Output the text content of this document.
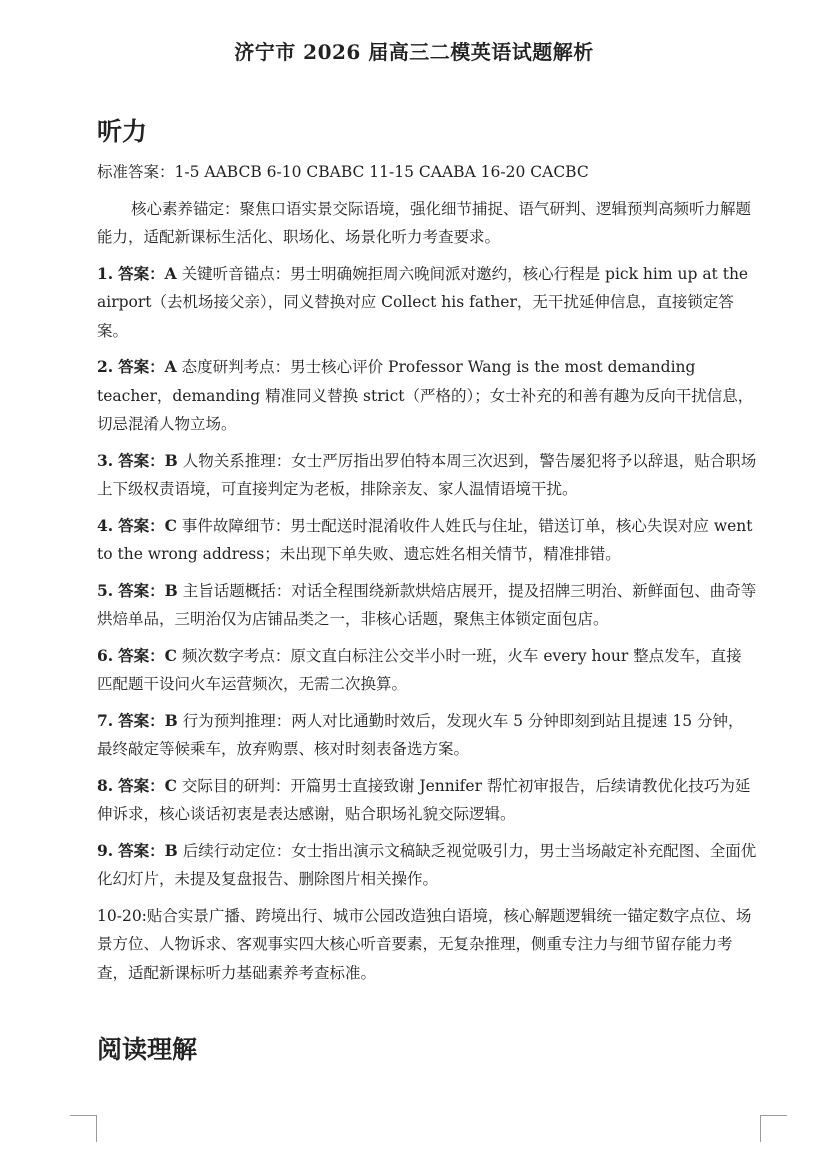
济宁市 2026 届高三二模英语试题解析
听力

标准答案：1-5 AABCB 6-10 CBABC 11-15 CAABA 16-20 CACBC

核心素养锚定：聚焦口语实景交际语境，强化细节捕捉、语气研判、逻辑预判高频听力解题能力，适配新课标生活化、职场化、场景化听力考查要求。

1. 答案：A 关键听音锚点：男士明确婉拒周六晚间派对邀约，核心行程是 pick him up at the airport（去机场接父亲），同义替换对应 Collect his father，无干扰延伸信息，直接锁定答案。

2. 答案：A 态度研判考点：男士核心评价 Professor Wang is the most demanding teacher，demanding 精准同义替换 strict（严格的）；女士补充的和善有趣为反向干扰信息，切忌混淆人物立场。

3. 答案：B 人物关系推理：女士严厉指出罗伯特本周三次迟到，警告屡犯将予以辞退，贴合职场上下级权责语境，可直接判定为老板，排除亲友、家人温情语境干扰。

4. 答案：C 事件故障细节：男士配送时混淆收件人姓氏与住址，错送订单，核心失误对应 went to the wrong address；未出现下单失败、遗忘姓名相关情节，精准排错。

5. 答案：B 主旨话题概括：对话全程围绕新款烘焙店展开，提及招牌三明治、新鲜面包、曲奇等烘焙单品，三明治仅为店铺品类之一，非核心话题，聚焦主体锁定面包店。

6. 答案：C 频次数字考点：原文直白标注公交半小时一班，火车 every hour 整点发车，直接匹配题干设问火车运营频次，无需二次换算。

7. 答案：B 行为预判推理：两人对比通勤时效后，发现火车 5 分钟即刻到站且提速 15 分钟，最终敲定等候乘车，放弃购票、核对时刻表备选方案。

8. 答案：C 交际目的研判：开篇男士直接致谢 Jennifer 帮忙初审报告，后续请教优化技巧为延伸诉求，核心谈话初衷是表达感谢，贴合职场礼貌交际逻辑。

9. 答案：B 后续行动定位：女士指出演示文稿缺乏视觉吸引力，男士当场敲定补充配图、全面优化幻灯片，未提及复盘报告、删除图片相关操作。

10-20:贴合实景广播、跨境出行、城市公园改造独白语境，核心解题逻辑统一锚定数字点位、场景方位、人物诉求、客观事实四大核心听音要素，无复杂推理，侧重专注力与细节留存能力考查，适配新课标听力基础素养考查标准。

阅读理解
